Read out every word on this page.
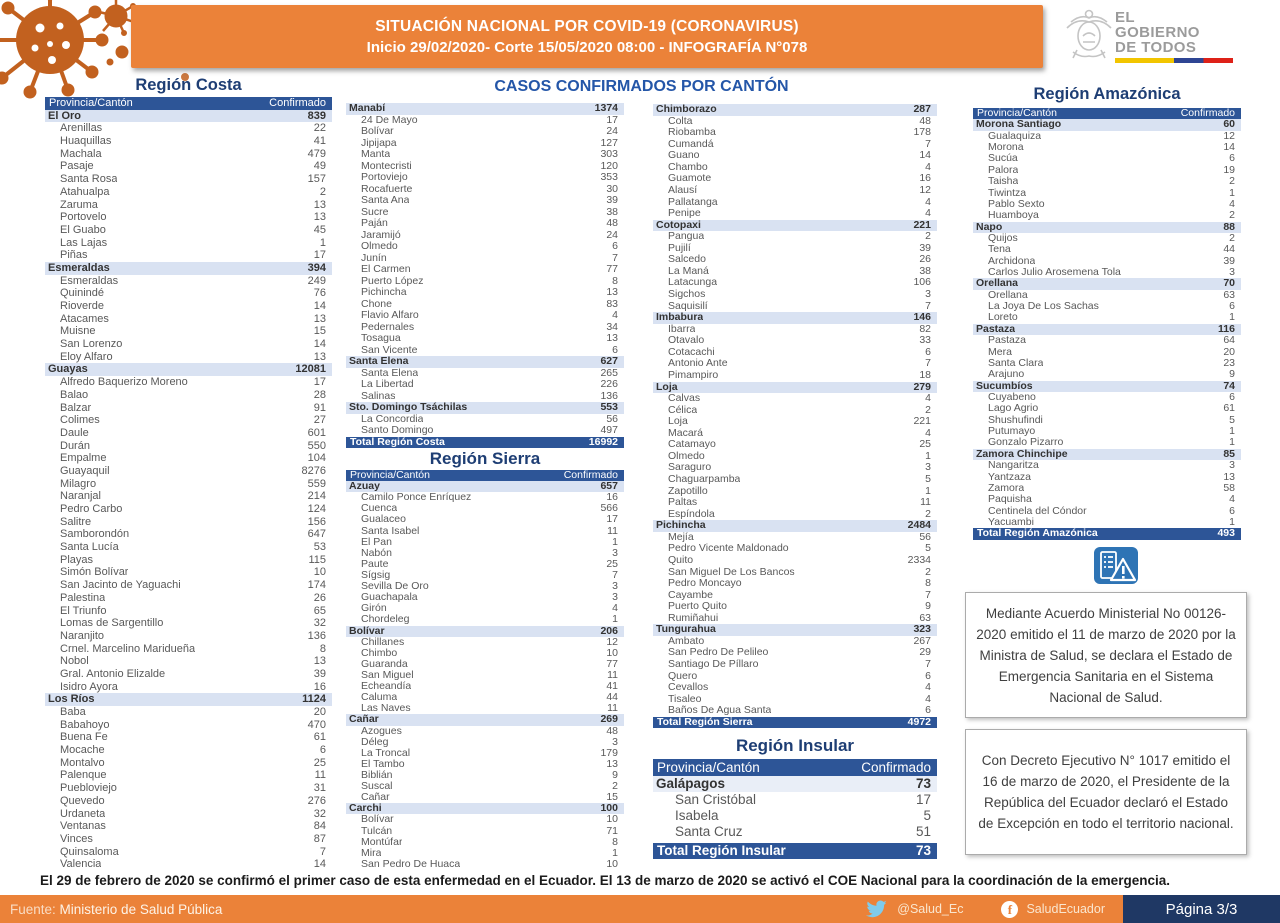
SITUACIÓN NACIONAL POR COVID-19 (CORONAVIRUS)
Inicio 29/02/2020- Corte 15/05/2020 08:00 - INFOGRAFÍA N°078
EL
GOBIERNO
DE TODOS
Región Costa	CASOS CONFIRMADOS POR CANTÓN	Región Amazónica
Provincia/Cantón	Confirmado
El Oro	839
Arenillas	22
Huaquillas	41
Machala	479
Pasaje	49
Santa Rosa	157
Atahualpa	2
Zaruma	13
Portovelo	13
El Guabo	45
Las Lajas	1
Piñas	17
Esmeraldas	394
Esmeraldas	249
Quinindé	76
Rioverde	14
Atacames	13
Muisne	15
San Lorenzo	14
Eloy Alfaro	13
Guayas	12081
Alfredo Baquerizo Moreno	17
Balao	28
Balzar	91
Colimes	27
Daule	601
Durán	550
Empalme	104
Guayaquil	8276
Milagro	559
Naranjal	214
Pedro Carbo	124
Salitre	156
Samborondón	647
Santa Lucía	53
Playas	115
Simón Bolívar	10
San Jacinto de Yaguachi	174
Palestina	26
El Triunfo	65
Lomas de Sargentillo	32
Naranjito	136
Crnel. Marcelino Maridueña	8
Nobol	13
Gral. Antonio Elizalde	39
Isidro Ayora	16
Los Ríos	1124
Baba	20
Babahoyo	470
Buena Fe	61
Mocache	6
Montalvo	25
Palenque	11
Puebloviejo	31
Quevedo	276
Urdaneta	32
Ventanas	84
Vinces	87
Quinsaloma	7
Valencia	14
Manabí	1374
24 De Mayo	17
Bolívar	24
Jipijapa	127
Manta	303
Montecristi	120
Portoviejo	353
Rocafuerte	30
Santa Ana	39
Sucre	38
Paján	48
Jaramijó	24
Olmedo	6
Junín	7
El Carmen	77
Puerto López	8
Pichincha	13
Chone	83
Flavio Alfaro	4
Pedernales	34
Tosagua	13
San Vicente	6
Santa Elena	627
Santa Elena	265
La Libertad	226
Salinas	136
Sto. Domingo Tsáchilas	553
La Concordia	56
Santo Domingo	497
Total Región Costa	16992
Región Sierra
Provincia/Cantón	Confirmado
Azuay	657
Camilo Ponce Enríquez	16
Cuenca	566
Gualaceo	17
Santa Isabel	11
El Pan	1
Nabón	3
Paute	25
Sígsig	7
Sevilla De Oro	3
Guachapala	3
Girón	4
Chordeleg	1
Bolívar	206
Chillanes	12
Chimbo	10
Guaranda	77
San Miguel	11
Echeandía	41
Caluma	44
Las Naves	11
Cañar	269
Azogues	48
Déleg	3
La Troncal	179
El Tambo	13
Biblián	9
Suscal	2
Cañar	15
Carchi	100
Bolívar	10
Tulcán	71
Montúfar	8
Mira	1
San Pedro De Huaca	10
Chimborazo	287
Colta	48
Riobamba	178
Cumandá	7
Guano	14
Chambo	4
Guamote	16
Alausí	12
Pallatanga	4
Penipe	4
Cotopaxi	221
Pangua	2
Pujilí	39
Salcedo	26
La Maná	38
Latacunga	106
Sigchos	3
Saquisilí	7
Imbabura	146
Ibarra	82
Otavalo	33
Cotacachi	6
Antonio Ante	7
Pimampiro	18
Loja	279
Calvas	4
Célica	2
Loja	221
Macará	4
Catamayo	25
Olmedo	1
Saraguro	3
Chaguarpamba	5
Zapotillo	1
Paltas	11
Espíndola	2
Pichincha	2484
Mejía	56
Pedro Vicente Maldonado	5
Quito	2334
San Miguel De Los Bancos	2
Pedro Moncayo	8
Cayambe	7
Puerto Quito	9
Rumiñahui	63
Tungurahua	323
Ambato	267
San Pedro De Pelileo	29
Santiago De Píllaro	7
Quero	6
Cevallos	4
Tisaleo	4
Baños De Agua Santa	6
Total Región Sierra	4972
Región Insular
Provincia/Cantón	Confirmado
Galápagos	73
San Cristóbal	17
Isabela	5
Santa Cruz	51
Total Región Insular	73
Provincia/Cantón	Confirmado
Morona Santiago	60
Gualaquiza	12
Morona	14
Sucúa	6
Palora	19
Taisha	2
Tiwintza	1
Pablo Sexto	4
Huamboya	2
Napo	88
Quijos	2
Tena	44
Archidona	39
Carlos Julio Arosemena Tola	3
Orellana	70
Orellana	63
La Joya De Los Sachas	6
Loreto	1
Pastaza	116
Pastaza	64
Mera	20
Santa Clara	23
Arajuno	9
Sucumbíos	74
Cuyabeno	6
Lago Agrio	61
Shushufindi	5
Putumayo	1
Gonzalo Pizarro	1
Zamora Chinchipe	85
Nangaritza	3
Yantzaza	13
Zamora	58
Paquisha	4
Centinela del Cóndor	6
Yacuambi	1
Total Región Amazónica	493
Mediante Acuerdo Ministerial No 00126-2020 emitido el 11 de marzo de 2020 por la Ministra de Salud, se declara el Estado de Emergencia Sanitaria en el Sistema Nacional de Salud.
Con Decreto Ejecutivo N° 1017 emitido el 16 de marzo de 2020, el Presidente de la República del Ecuador declaró el Estado de Excepción en todo el territorio nacional.
El 29 de febrero de 2020 se confirmó el primer caso de esta enfermedad en el Ecuador. El 13 de marzo de 2020 se activó el COE Nacional para la coordinación de la emergencia.
Fuente: Ministerio de Salud Pública	@Salud_Ec	f	SaludEcuador	Página 3/3
